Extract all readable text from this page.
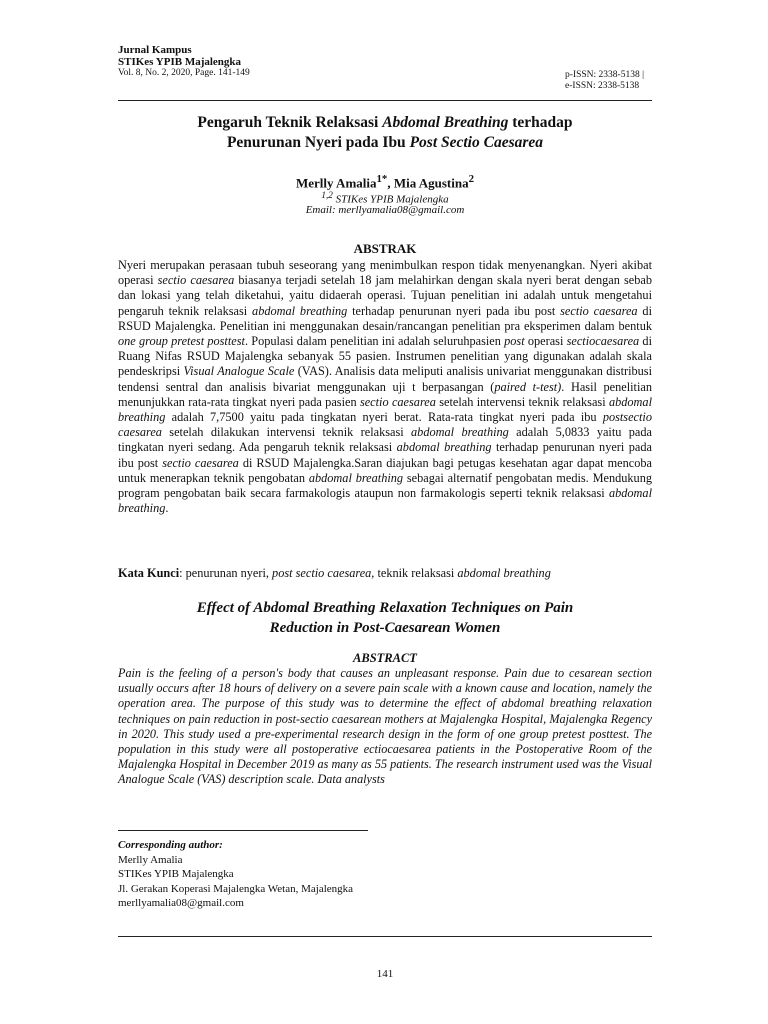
Jurnal Kampus
STIKes YPIB Majalengka
Vol. 8, No. 2, 2020, Page. 141-149	p-ISSN: 2338-5138 |
e-ISSN: 2338-5138
Pengaruh Teknik Relaksasi Abdomal Breathing terhadap
Penurunan Nyeri pada Ibu Post Sectio Caesarea
Merlly Amalia$^{1*}$, Mia Agustina$^2$
$^{1,2}$ STIKes YPIB Majalengka
Email: merllyamalia08@gmail.com
ABSTRAK

Nyeri merupakan perasaan tubuh seseorang yang menimbulkan respon tidak menyenangkan. Nyeri akibat operasi sectio caesarea biasanya terjadi setelah 18 jam melahirkan dengan skala nyeri berat dengan sebab dan lokasi yang telah diketahui, yaitu didaerah operasi. Tujuan penelitian ini adalah untuk mengetahui pengaruh teknik relaksasi abdomal breathing terhadap penurunan nyeri pada ibu post sectio caesarea di RSUD Majalengka. Penelitian ini menggunakan desain/rancangan penelitian pra eksperimen dalam bentuk one group pretest posttest. Populasi dalam penelitian ini adalah seluruhpasien post operasi sectiocaesarea di Ruang Nifas RSUD Majalengka sebanyak 55 pasien. Instrumen penelitian yang digunakan adalah skala pendeskripsi Visual Analogue Scale (VAS). Analisis data meliputi analisis univariat menggunakan distribusi tendensi sentral dan analisis bivariat menggunakan uji t berpasangan (paired t-test). Hasil penelitian menunjukkan rata-rata tingkat nyeri pada pasien sectio caesarea setelah intervensi teknik relaksasi abdomal breathing adalah 7,7500 yaitu pada tingkatan nyeri berat. Rata-rata tingkat nyeri pada ibu postsectio caesarea setelah dilakukan intervensi teknik relaksasi abdomal breathing adalah 5,0833 yaitu pada tingkatan nyeri sedang. Ada pengaruh teknik relaksasi abdomal breathing terhadap penurunan nyeri pada ibu post sectio caesarea di RSUD Majalengka.Saran diajukan bagi petugas kesehatan agar dapat mencoba untuk menerapkan teknik pengobatan abdomal breathing sebagai alternatif pengobatan medis. Mendukung program pengobatan baik secara farmakologis ataupun non farmakologis seperti teknik relaksasi abdomal breathing.

Kata Kunci: penurunan nyeri, post sectio caesarea, teknik relaksasi abdomal breathing
Effect of Abdomal Breathing Relaxation Techniques on Pain
Reduction in Post-Caesarean Women
ABSTRACT
Pain is the feeling of a person's body that causes an unpleasant response. Pain due to cesarean section usually occurs after 18 hours of delivery on a severe pain scale with a known cause and location, namely the operation area. The purpose of this study was to determine the effect of abdomal breathing relaxation techniques on pain reduction in post-sectio caesarean mothers at Majalengka Hospital, Majalengka Regency in 2020. This study used a pre-experimental research design in the form of one group pretest posttest. The population in this study were all postoperative ectiocaesarea patients in the Postoperative Room of the Majalengka Hospital in December 2019 as many as 55 patients. The research instrument used was the Visual Analogue Scale (VAS) description scale. Data analysts
Corresponding author:
Merlly Amalia
STIKes YPIB Majalengka
Jl. Gerakan Koperasi Majalengka Wetan, Majalengka
merllyamalia08@gmail.com
141
